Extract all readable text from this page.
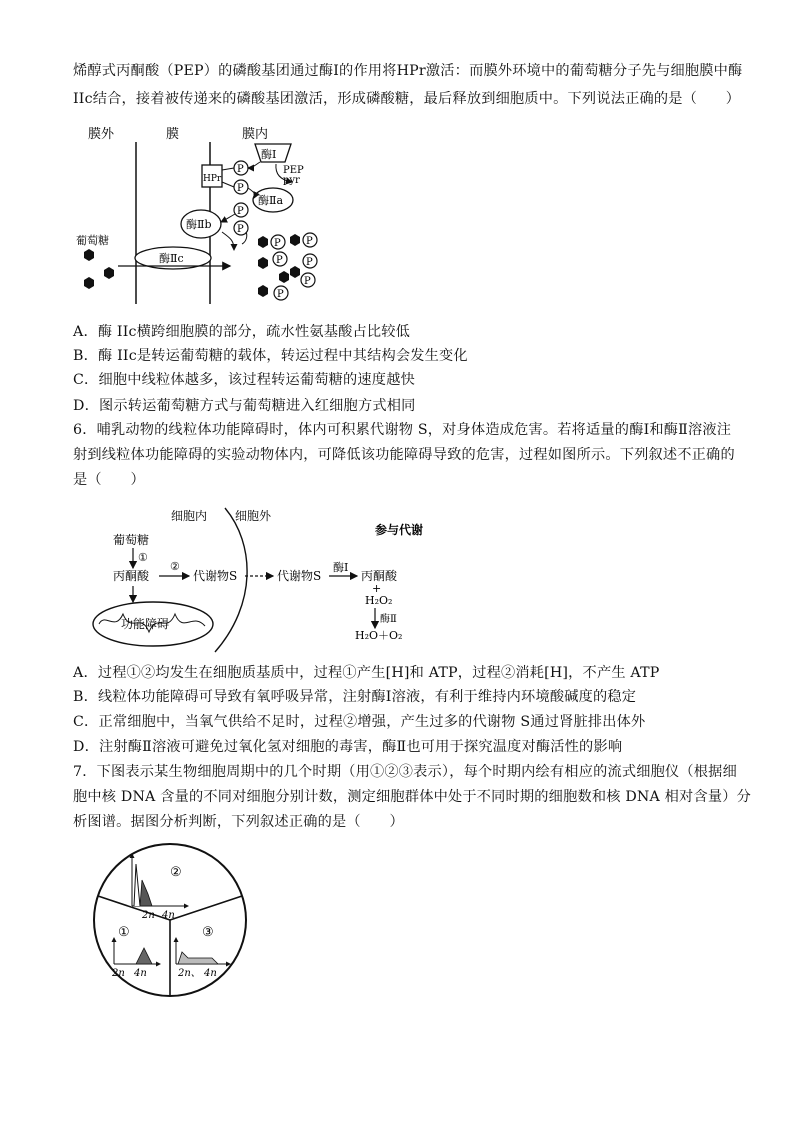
烯醇式丙酮酸（PEP）的磷酸基团通过酶Ⅰ的作用将HPr激活：而膜外环境中的葡萄糖分子先与细胞膜中酶
IIc结合，接着被传递来的磷酸基团激活，形成磷酸糖，最后释放到细胞质中。下列说法正确的是（　　）
膜外	膜	膜内
酶Ⅰ
PEP
pyr
HPr
P
P
酶Ⅱa
P
酶Ⅱb	P
酶Ⅱc
葡萄糖	P	P
P P
P
P
A．酶 IIc横跨细胞膜的部分，疏水性氨基酸占比较低
B．酶 IIc是转运葡萄糖的载体，转运过程中其结构会发生变化
C．细胞中线粒体越多，该过程转运葡萄糖的速度越快
D．图示转运葡萄糖方式与葡萄糖进入红细胞方式相同
6．哺乳动物的线粒体功能障碍时，体内可积累代谢物 S，对身体造成危害。若将适量的酶Ⅰ和酶Ⅱ溶液注
射到线粒体功能障碍的实验动物体内，可降低该功能障碍导致的危害，过程如图所示。下列叙述不正确的
是（　　）
细胞内 细胞外
参与代谢
葡萄糖
①
丙酮酸
②
代谢物S	代谢物S
酶Ⅰ
丙酮酸
+
H₂O₂
酶Ⅱ
H₂O＋O₂
功能障碍
A．过程①②均发生在细胞质基质中，过程①产生[H]和 ATP，过程②消耗[H]，不产生 ATP
B．线粒体功能障碍可导致有氧呼吸异常，注射酶Ⅰ溶液，有利于维持内环境酸碱度的稳定
C．正常细胞中，当氧气供给不足时，过程②增强，产生过多的代谢物 S通过肾脏排出体外
D．注射酶Ⅱ溶液可避免过氧化氢对细胞的毒害，酶Ⅱ也可用于探究温度对酶活性的影响
7．下图表示某生物细胞周期中的几个时期（用①②③表示），每个时期内绘有相应的流式细胞仪（根据细
胞中核 DNA 含量的不同对细胞分别计数，测定细胞群体中处于不同时期的细胞数和核 DNA 相对含量）分
析图谱。据图分析判断，下列叙述正确的是（　　）
②
2n 4n
①
2n 4n
③
2n、 4n
